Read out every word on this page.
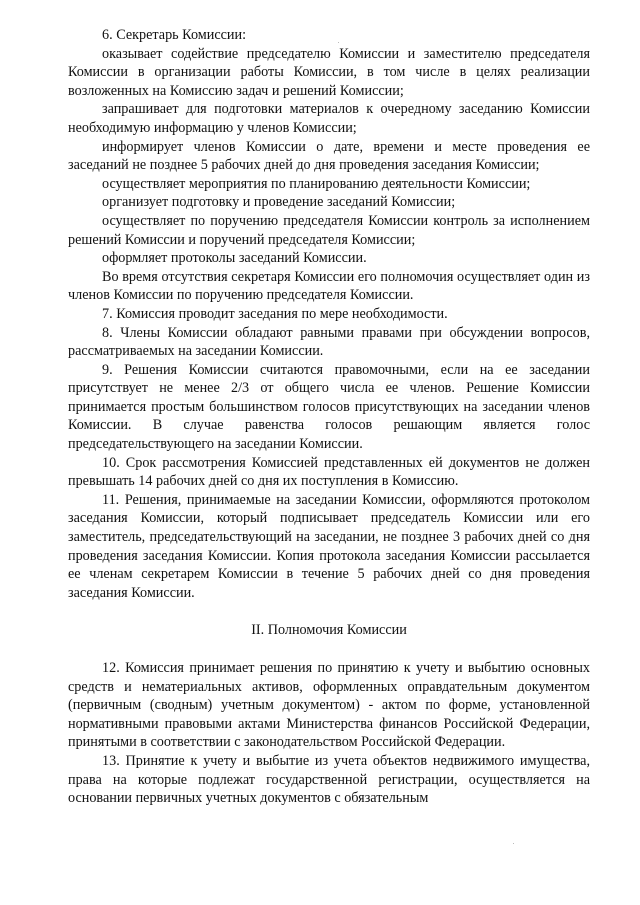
6. Секретарь Комиссии:

оказывает содействие председателю Комиссии и заместителю председателя Комиссии в организации работы Комиссии, в том числе в целях реализации возложенных на Комиссию задач и решений Комиссии;

запрашивает для подготовки материалов к очередному заседанию Комиссии необходимую информацию у членов Комиссии;

информирует членов Комиссии о дате, времени и месте проведения ее заседаний не позднее 5 рабочих дней до дня проведения заседания Комиссии;

осуществляет мероприятия по планированию деятельности Комиссии;

организует подготовку и проведение заседаний Комиссии;

осуществляет по поручению председателя Комиссии контроль за исполнением решений Комиссии и поручений председателя Комиссии;

оформляет протоколы заседаний Комиссии.

Во время отсутствия секретаря Комиссии его полномочия осуществляет один из членов Комиссии по поручению председателя Комиссии.

7. Комиссия проводит заседания по мере необходимости.

8. Члены Комиссии обладают равными правами при обсуждении вопросов, рассматриваемых на заседании Комиссии.

9. Решения Комиссии считаются правомочными, если на ее заседании присутствует не менее 2/3 от общего числа ее членов. Решение Комиссии принимается простым большинством голосов присутствующих на заседании членов Комиссии. В случае равенства голосов решающим является голос председательствующего на заседании Комиссии.

10. Срок рассмотрения Комиссией представленных ей документов не должен превышать 14 рабочих дней со дня их поступления в Комиссию.

11. Решения, принимаемые на заседании Комиссии, оформляются протоколом заседания Комиссии, который подписывает председатель Комиссии или его заместитель, председательствующий на заседании, не позднее 3 рабочих дней со дня проведения заседания Комиссии. Копия протокола заседания Комиссии рассылается ее членам секретарем Комиссии в течение 5 рабочих дней со дня проведения заседания Комиссии.

II. Полномочия Комиссии

12. Комиссия принимает решения по принятию к учету и выбытию основных средств и нематериальных активов, оформленных оправдательным документом (первичным (сводным) учетным документом) - актом по форме, установленной нормативными правовыми актами Министерства финансов Российской Федерации, принятыми в соответствии с законодательством Российской Федерации.

13. Принятие к учету и выбытие из учета объектов недвижимого имущества, права на которые подлежат государственной регистрации, осуществляется на основании первичных учетных документов с обязательным
